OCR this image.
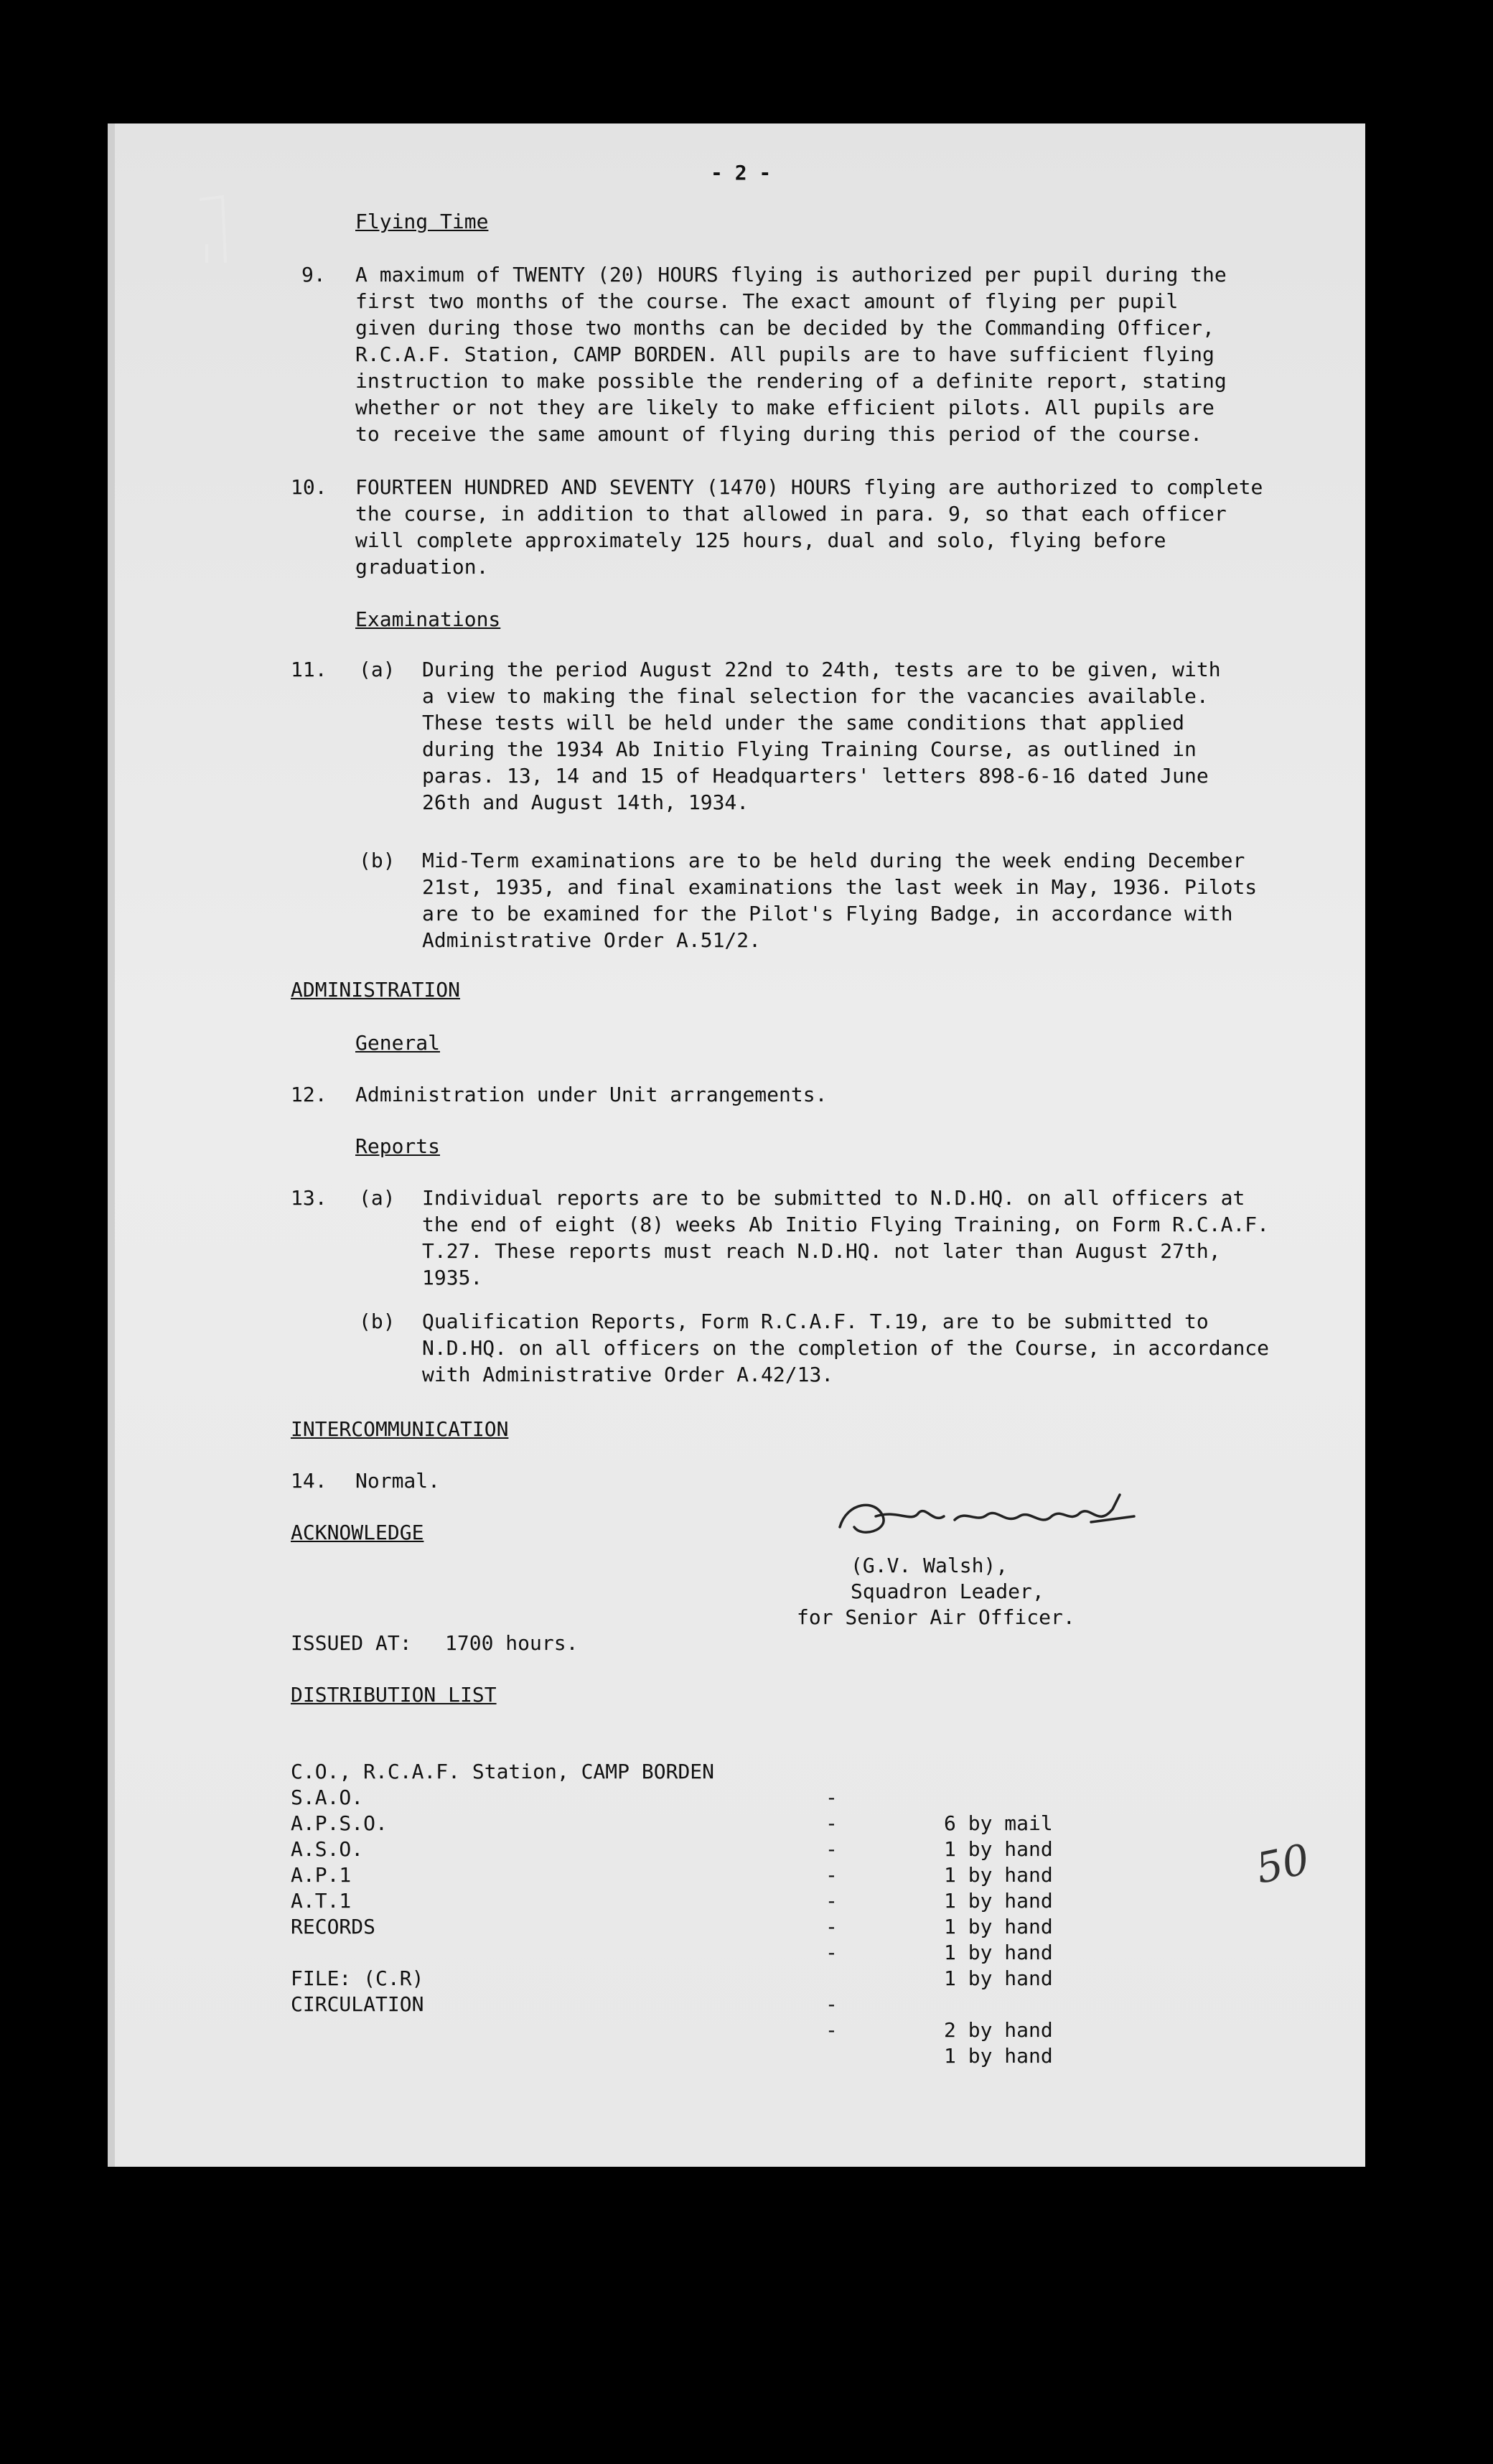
- 2 -
Flying Time
9. A maximum of TWENTY (20) HOURS flying is authorized per pupil during the
first two months of the course. The exact amount of flying per pupil
given during those two months can be decided by the Commanding Officer,
R.C.A.F. Station, CAMP BORDEN. All pupils are to have sufficient flying
instruction to make possible the rendering of a definite report, stating
whether or not they are likely to make efficient pilots. All pupils are
to receive the same amount of flying during this period of the course.
10. FOURTEEN HUNDRED AND SEVENTY (1470) HOURS flying are authorized to complete
the course, in addition to that allowed in para. 9, so that each officer
will complete approximately 125 hours, dual and solo, flying before
graduation.
Examinations
11. (a) During the period August 22nd to 24th, tests are to be given, with
a view to making the final selection for the vacancies available.
These tests will be held under the same conditions that applied
during the 1934 Ab Initio Flying Training Course, as outlined in
paras. 13, 14 and 15 of Headquarters' letters 898-6-16 dated June
26th and August 14th, 1934.
(b) Mid-Term examinations are to be held during the week ending December
21st, 1935, and final examinations the last week in May, 1936. Pilots
are to be examined for the Pilot's Flying Badge, in accordance with
Administrative Order A.51/2.
ADMINISTRATION
General
12. Administration under Unit arrangements.
Reports
13. (a) Individual reports are to be submitted to N.D.HQ. on all officers at
the end of eight (8) weeks Ab Initio Flying Training, on Form R.C.A.F.
T.27. These reports must reach N.D.HQ. not later than August 27th,
1935.
(b) Qualification Reports, Form R.C.A.F. T.19, are to be submitted to
N.D.HQ. on all officers on the completion of the Course, in accordance
with Administrative Order A.42/13.
INTERCOMMUNICATION
14. Normal.
ACKNOWLEDGE
(G.V. Walsh),
Squadron Leader,
for Senior Air Officer.
ISSUED AT: 1700 hours.
DISTRIBUTION LIST

C.O., R.C.A.F. Station, CAMP BORDEN

-

6 by mail

S.A.O.

-

1 by hand

A.P.S.O.

-

1 by hand

A.S.O.

-

1 by hand

A.P.1

-

1 by hand

A.T.1

-

1 by hand

RECORDS

-

1 by hand

FILE: (C.R)

-

2 by hand

CIRCULATION

-

1 by hand

50
